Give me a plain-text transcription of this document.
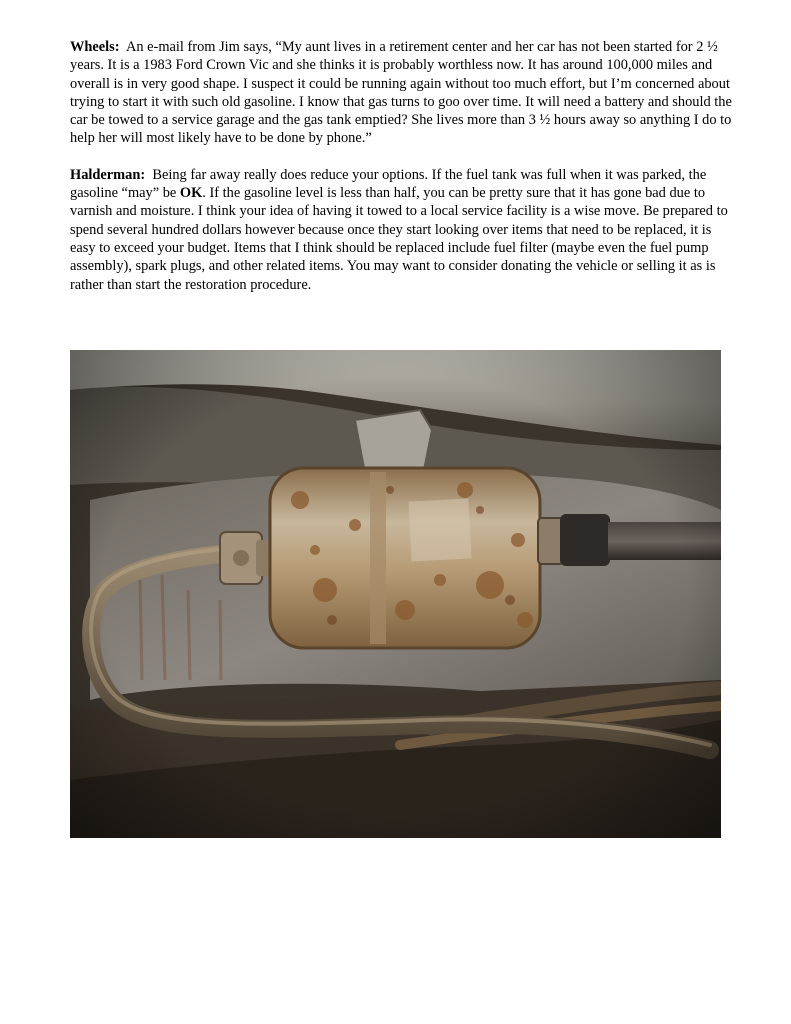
Wheels: An e-mail from Jim says, “My aunt lives in a retirement center and her car has not been started for 2 ½ years. It is a 1983 Ford Crown Vic and she thinks it is probably worthless now. It has around 100,000 miles and overall is in very good shape. I suspect it could be running again without too much effort, but I’m concerned about trying to start it with such old gasoline. I know that gas turns to goo over time. It will need a battery and should the car be towed to a service garage and the gas tank emptied? She lives more than 3 ½ hours away so anything I do to help her will most likely have to be done by phone.”

Halderman: Being far away really does reduce your options. If the fuel tank was full when it was parked, the gasoline “may” be OK. If the gasoline level is less than half, you can be pretty sure that it has gone bad due to varnish and moisture. I think your idea of having it towed to a local service facility is a wise move. Be prepared to spend several hundred dollars however because once they start looking over items that need to be replaced, it is easy to exceed your budget. Items that I think should be replaced include fuel filter (maybe even the fuel pump assembly), spark plugs, and other related items. You may want to consider donating the vehicle or selling it as is rather than start the restoration procedure.
